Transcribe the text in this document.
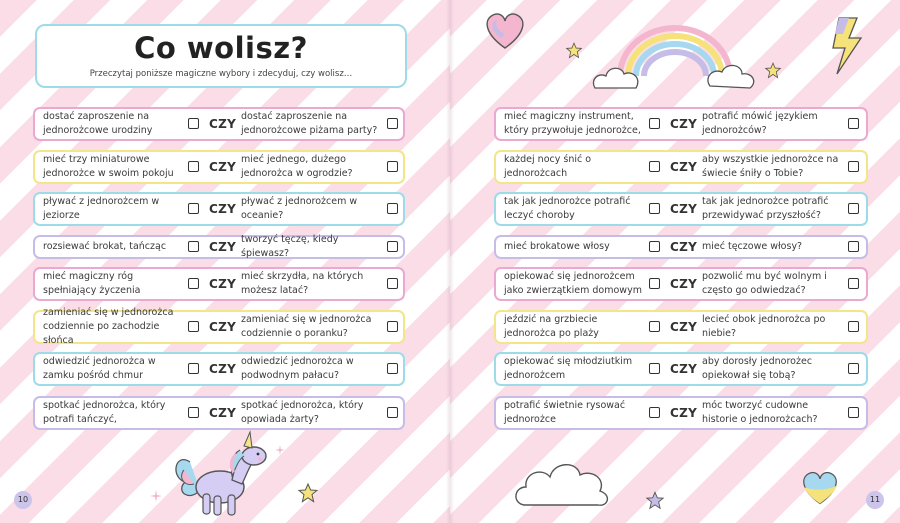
Co wolisz?
Przeczytaj poniższe magiczne wybory i zdecyduj, czy wolisz…
dostać zaproszenie na jednorożcowe urodziny	CZY
dostać zaproszenie na jednorożcowe piżama party?
mieć trzy miniaturowe jednorożce w swoim pokoju	CZY
mieć jednego, dużego jednorożca w ogrodzie?
pływać z jednorożcem w jeziorze	CZY
pływać z jednorożcem w oceanie?
rozsiewać brokat, tańcząc	CZY
tworzyć tęczę, kiedy śpiewasz?
mieć magiczny róg spełniający życzenia	CZY
mieć skrzydła, na których możesz latać?
zamieniać się w jednorożca codziennie po zachodzie słońca
CZY
zamieniać się w jednorożca codziennie o poranku?
odwiedzić jednorożca w zamku pośród chmur	CZY
odwiedzić jednorożca w podwodnym pałacu?
spotkać jednorożca, który potrafi tańczyć,	CZY
spotkać jednorożca, który opowiada żarty?
10
mieć magiczny instrument, który przywołuje jednorożce, CZY
potrafić mówić językiem jednorożców?
każdej nocy śnić o jednorożcach	CZY
aby wszystkie jednorożce na świecie śniły o Tobie?
tak jak jednorożce potrafić leczyć choroby	CZY
tak jak jednorożce potrafić przewidywać przyszłość?
mieć brokatowe włosy	CZY mieć tęczowe włosy?
opiekować się jednorożcem jako zwierzątkiem domowym CZY
pozwolić mu być wolnym i często go odwiedzać?
jeździć na grzbiecie jednorożca po plaży	CZY
lecieć obok jednorożca po niebie?
opiekować się młodziutkim jednorożcem	CZY
aby dorosły jednorożec opiekował się tobą?
potrafić świetnie rysować jednorożce	CZY
móc tworzyć cudowne historie o jednorożcach?
11
